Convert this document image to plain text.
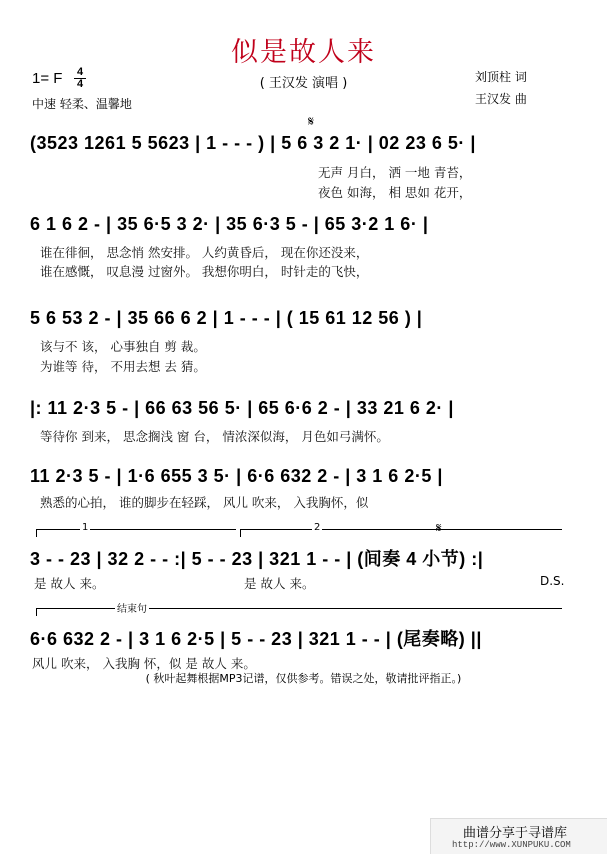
似是故人来
1= F	4
4
中速 轻柔、温馨地
( 王汉发 演唱 )	刘顶柱 词
王汉发 曲
𝄋
(3523 1261 5 5623 | 1 - - - ) | 5 6 3 2 1· | 02 23 6 5· |
无声 月白， 洒 一地 青苔，
夜色 如海， 相 思如 花开，
6 1 6 2 - | 35 6·5 3 2· | 35 6·3 5 - | 65 3·2 1 6· |
谁在徘徊， 思念悄 然安排。 人约黄昏后， 现在你还没来，
谁在感慨， 叹息漫 过窗外。 我想你明白， 时针走的飞快，
5 6 53 2 - | 35 66 6 2 | 1 - - - | ( 15 61 12 56 ) |
该与不 该， 心事独自 剪 裁。
为谁等 待， 不用去想 去 猜。
|: 11 2·3 5 - | 66 63 56 5· | 65 6·6 2 - | 33 21 6 2· |
等待你 到来， 思念搁浅 窗 台， 情浓深似海， 月色如弓满怀。
11 2·3 5 - | 1·6 655 3 5· | 6·6 632 2 - | 3 1 6 2·5 |
熟悉的心拍， 谁的脚步在轻踩， 风儿 吹来， 入我胸怀，似
1	2	𝄋
3 - - 23 | 32 2 - - :| 5 - - 23 | 321 1 - - | (间奏 4 小节) :|
是 故人 来。	是 故人 来。	D.S.
结束句
6·6 632 2 - | 3 1 6 2·5 | 5 - - 23 | 321 1 - - | (尾奏略) ||
风儿 吹来， 入我胸 怀，似 是 故人 来。
( 秋叶起舞根据MP3记谱，仅供参考。错误之处，敬请批评指正。)
曲谱分享于寻谱库
http://www.XUNPUKU.COM
